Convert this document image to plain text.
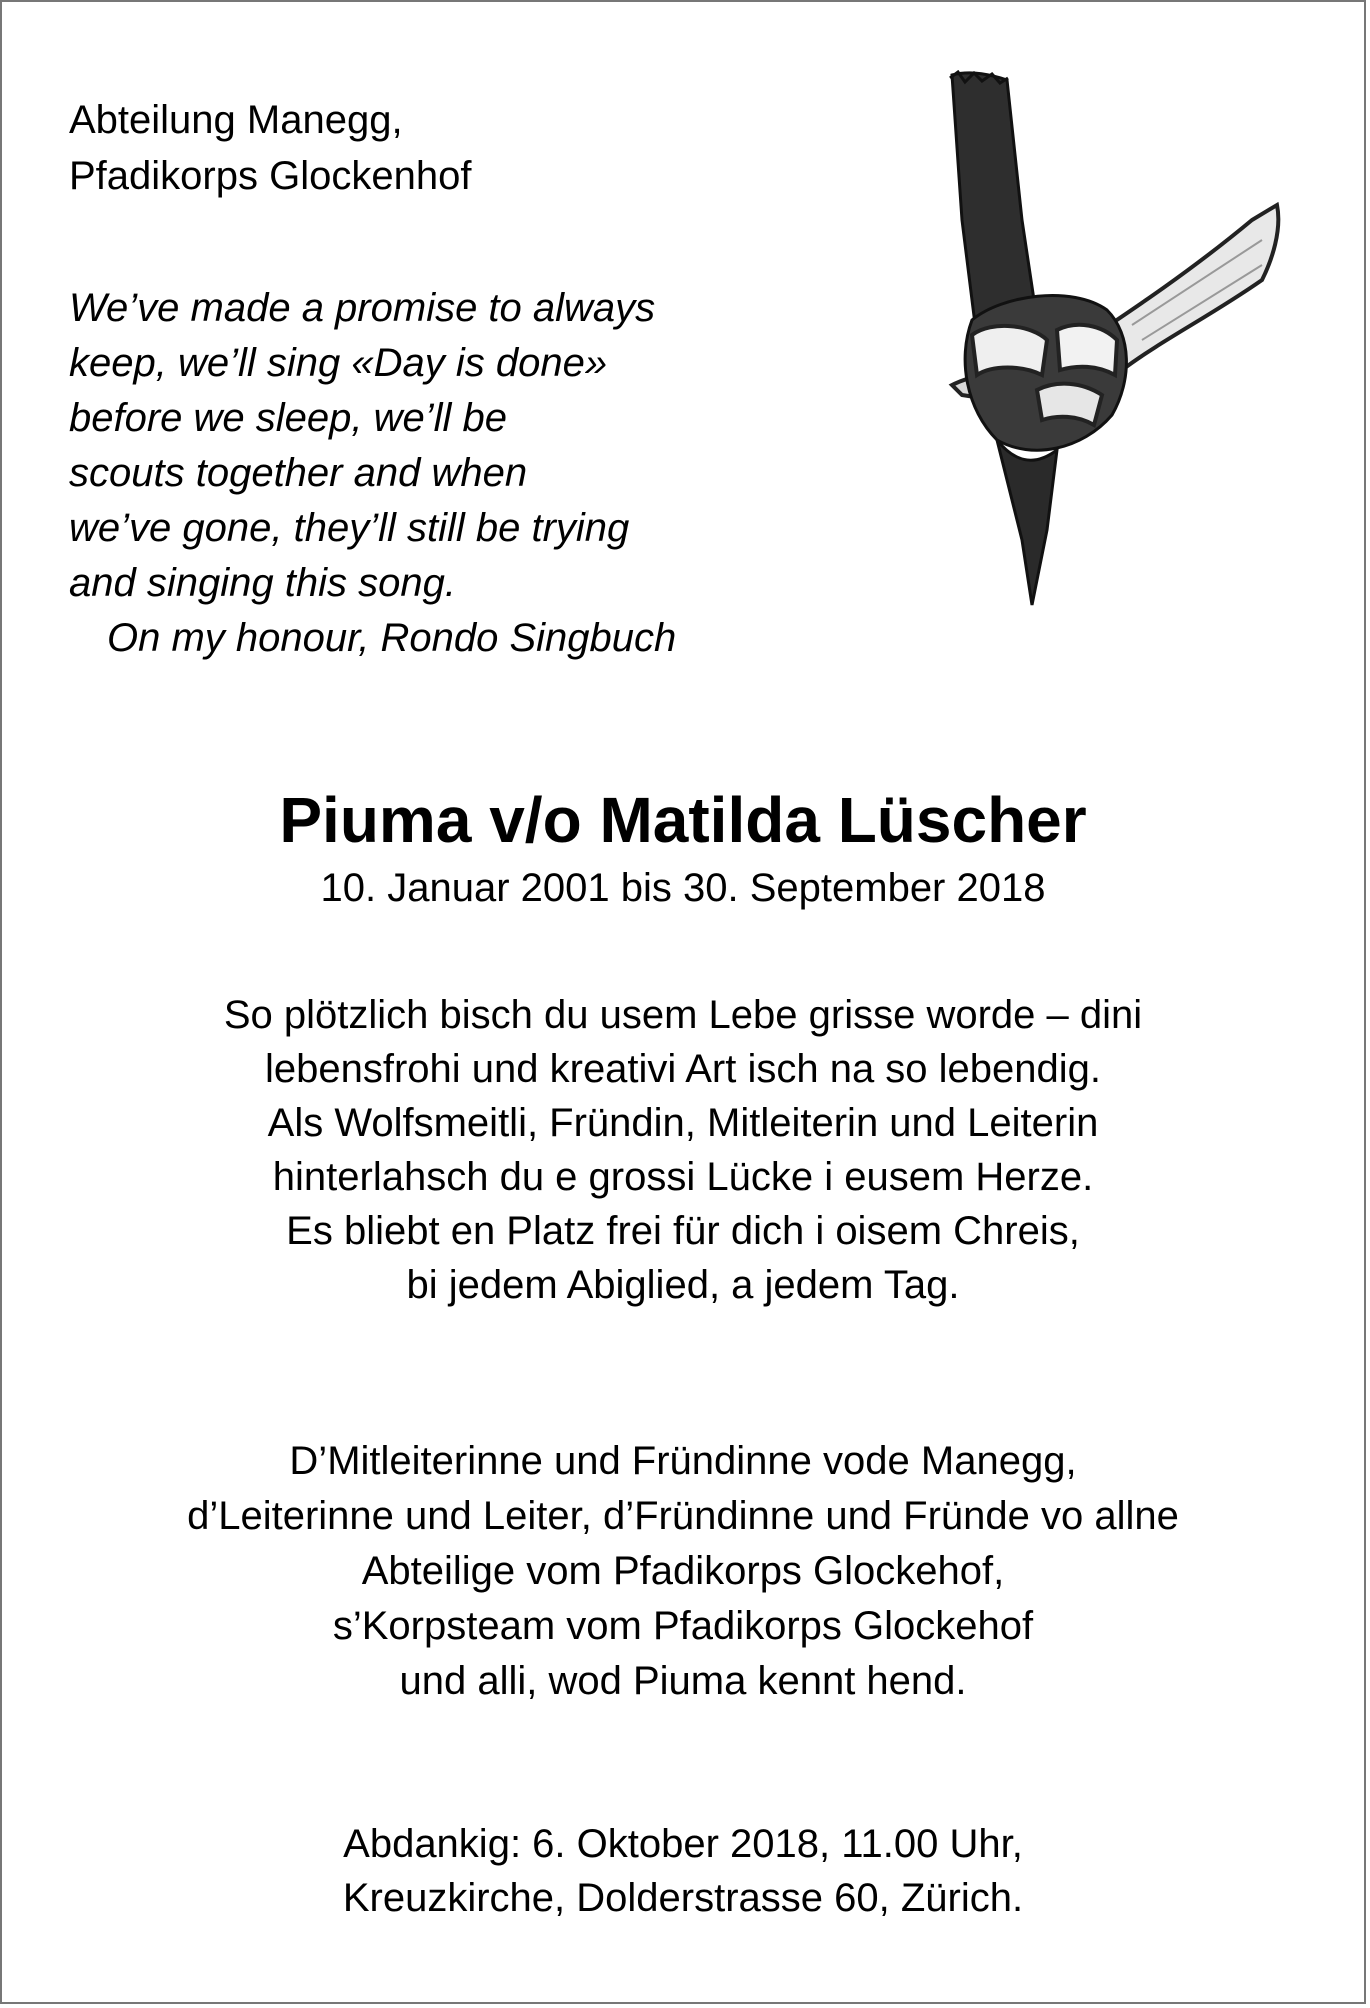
Abteilung Manegg,
Pfadikorps Glockenhof
We’ve made a promise to always
keep, we’ll sing «Day is done»
before we sleep, we’ll be
scouts together and when
we’ve gone, they’ll still be trying
and singing this song.
On my honour, Rondo Singbuch
Piuma v/o Matilda Lüscher
10. Januar 2001 bis 30. September 2018
So plötzlich bisch du usem Lebe grisse worde – dini
lebensfrohi und kreativi Art isch na so lebendig.
Als Wolfsmeitli, Fründin, Mitleiterin und Leiterin
hinterlahsch du e grossi Lücke i eusem Herze.
Es bliebt en Platz frei für dich i oisem Chreis,
bi jedem Abiglied, a jedem Tag.
D’Mitleiterinne und Fründinne vode Manegg,
d’Leiterinne und Leiter, d’Fründinne und Fründe vo allne
Abteilige vom Pfadikorps Glockehof,
s’Korpsteam vom Pfadikorps Glockehof
und alli, wod Piuma kennt hend.
Abdankig: 6. Oktober 2018, 11.00 Uhr,
Kreuzkirche, Dolderstrasse 60, Zürich.
